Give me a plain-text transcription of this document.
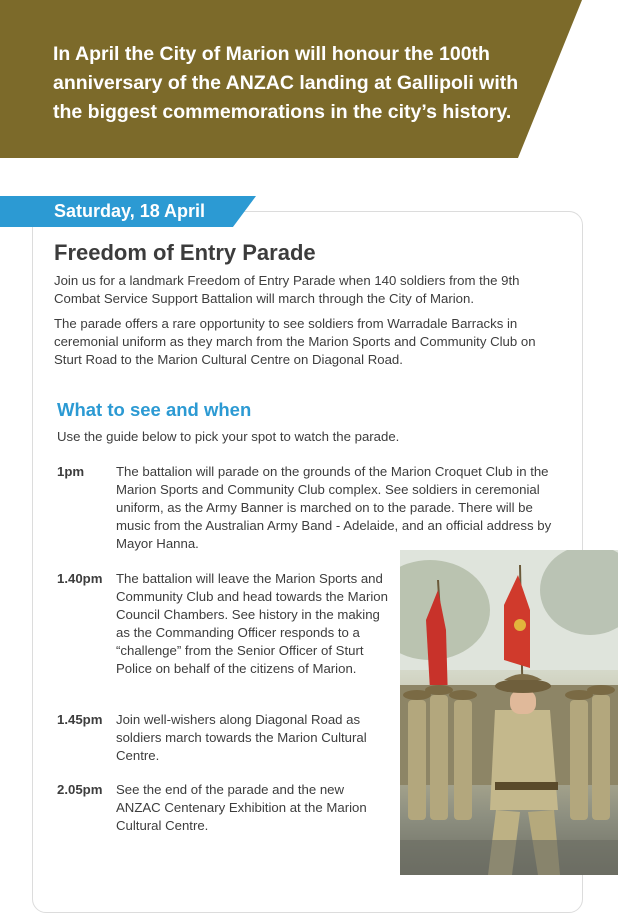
In April the City of Marion will honour the 100th anniversary of the ANZAC landing at Gallipoli with the biggest commemorations in the city’s history.
Saturday, 18 April
Freedom of Entry Parade

Join us for a landmark Freedom of Entry Parade when 140 soldiers from the 9th Combat Service Support Battalion will march through the City of Marion.

The parade offers a rare opportunity to see soldiers from Warradale Barracks in ceremonial uniform as they march from the Marion Sports and Community Club on Sturt Road to the Marion Cultural Centre on Diagonal Road.

What to see and when

Use the guide below to pick your spot to watch the parade.

1pm The battalion will parade on the grounds of the Marion Croquet Club in the Marion Sports and Community Club complex. See soldiers in ceremonial uniform, as the Army Banner is marched on to the parade. There will be music from the Australian Army Band - Adelaide, and an official address by Mayor Hanna.

1.40pm The battalion will leave the Marion Sports and Community Club and head towards the Marion Council Chambers. See history in the making as the Commanding Officer responds to a “challenge” from the Senior Officer of Sturt Police on behalf of the citizens of Marion.

1.45pm Join well-wishers along Diagonal Road as soldiers march towards the Marion Cultural Centre.

2.05pm See the end of the parade and the new ANZAC Centenary Exhibition at the Marion Cultural Centre.
